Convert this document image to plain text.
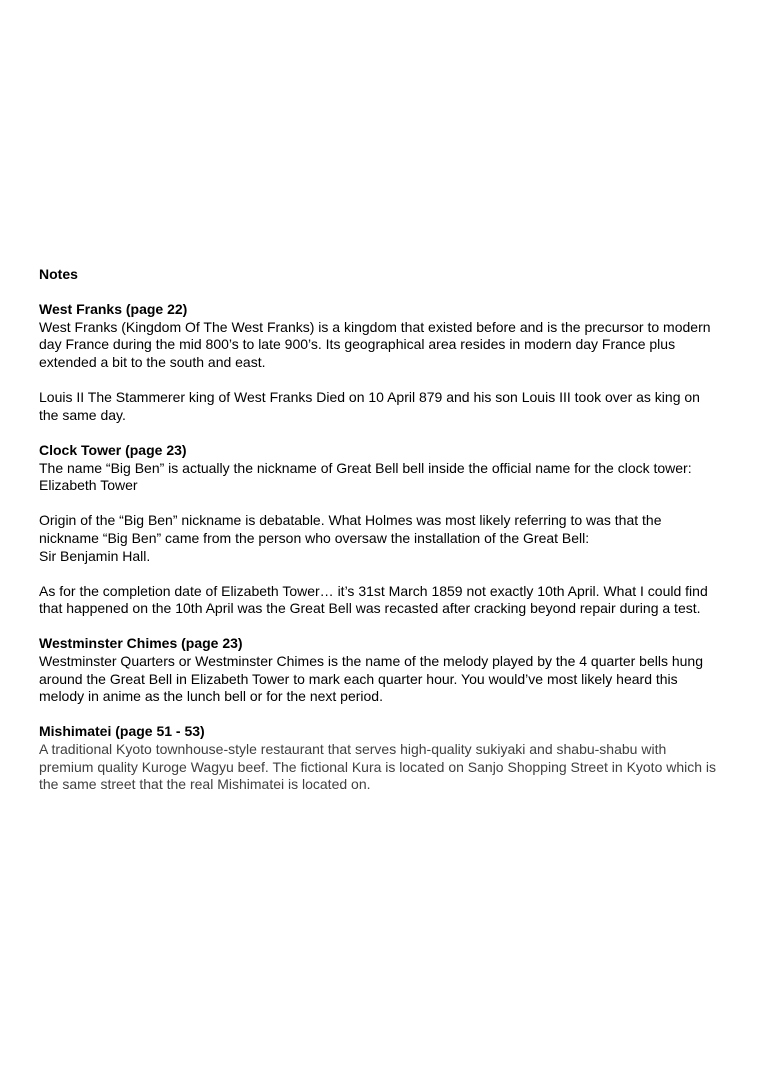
Notes
West Franks (page 22)

West Franks (Kingdom Of The West Franks) is a kingdom that existed before and is the precursor to modern day France during the mid 800’s to late 900’s. Its geographical area resides in modern day France plus extended a bit to the south and east.

Louis II The Stammerer king of West Franks Died on 10 April 879 and his son Louis III took over as king on the same day.

Clock Tower (page 23)

The name “Big Ben” is actually the nickname of Great Bell bell inside the official name for the clock tower: Elizabeth Tower

Origin of the “Big Ben” nickname is debatable. What Holmes was most likely referring to was that the nickname “Big Ben” came from the person who oversaw the installation of the Great Bell:

Sir Benjamin Hall.

As for the completion date of Elizabeth Tower… it’s 31st March 1859 not exactly 10th April. What I could find that happened on the 10th April was the Great Bell was recasted after cracking beyond repair during a test.

Westminster Chimes (page 23)

Westminster Quarters or Westminster Chimes is the name of the melody played by the 4 quarter bells hung around the Great Bell in Elizabeth Tower to mark each quarter hour. You would’ve most likely heard this melody in anime as the lunch bell or for the next period.

Mishimatei (page 51 - 53)

A traditional Kyoto townhouse-style restaurant that serves high-quality sukiyaki and shabu-shabu with premium quality Kuroge Wagyu beef. The fictional Kura is located on Sanjo Shopping Street in Kyoto which is the same street that the real Mishimatei is located on.
